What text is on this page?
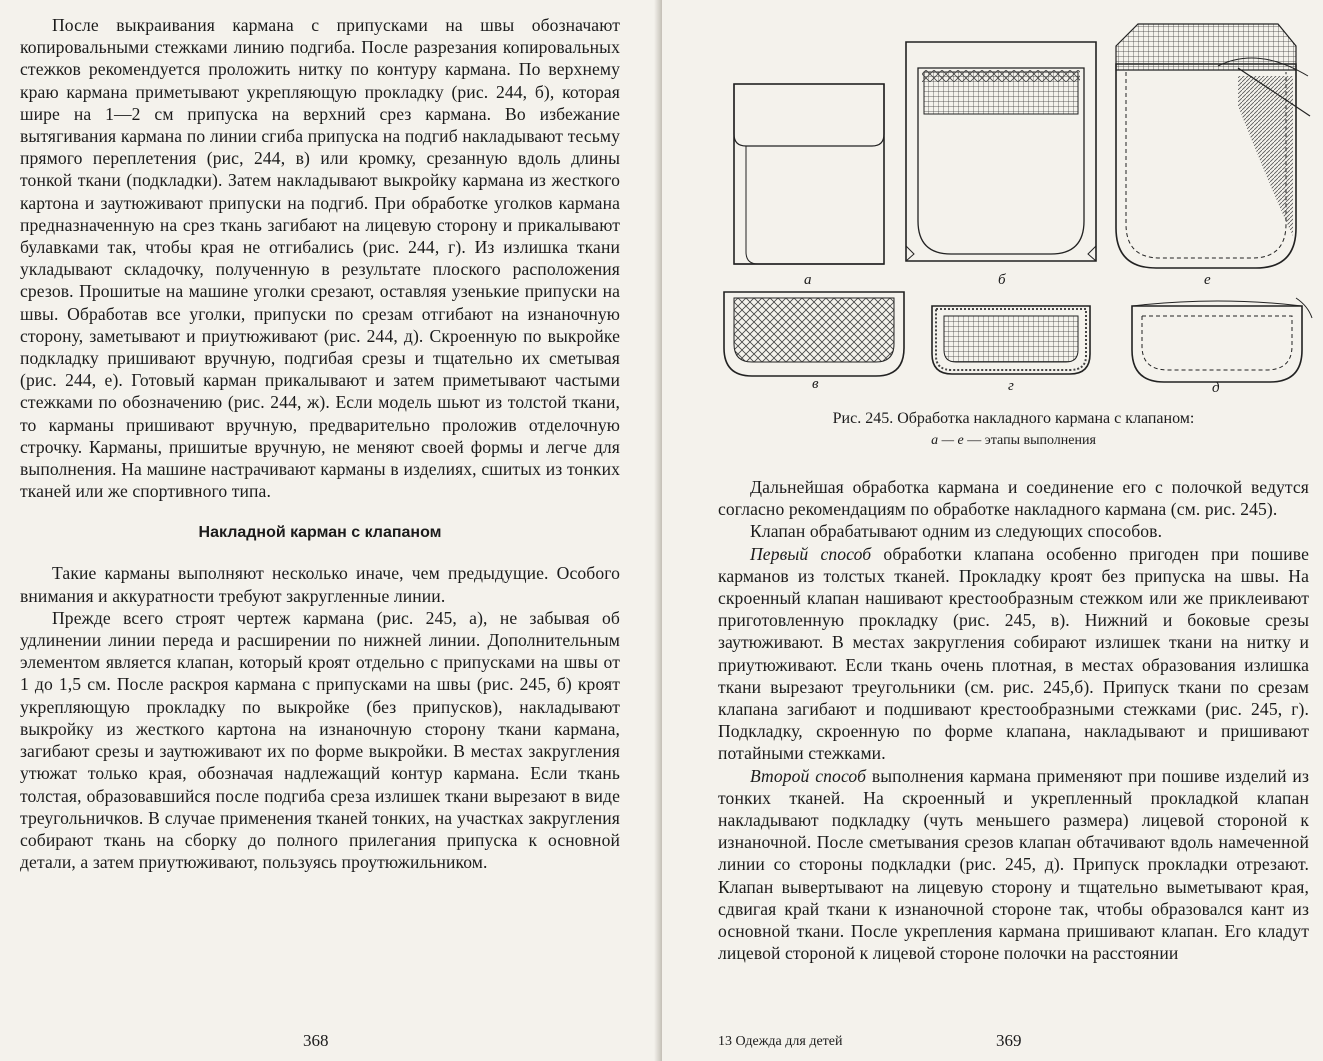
После выкраивания кармана с припусками на швы обозначают копировальными стежками линию подгиба. После разрезания копировальных стежков рекомендуется проложить нитку по контуру кармана. По верхнему краю кармана приметывают укрепляющую прокладку (рис. 244, б), которая шире на 1—2 см припуска на верхний срез кармана. Во избежание вытягивания кармана по линии сгиба припуска на подгиб накладывают тесьму прямого переплетения (рис, 244, в) или кромку, срезанную вдоль длины тонкой ткани (подкладки). Затем накладывают выкройку кармана из жесткого картона и заутюживают припуски на подгиб. При обработке уголков кармана предназначенную на срез ткань загибают на лицевую сторону и прикалывают булавками так, чтобы края не отгибались (рис. 244, г). Из излишка ткани укладывают складочку, полученную в результате плоского расположения срезов. Прошитые на машине уголки срезают, оставляя узенькие припуски на швы. Обработав все уголки, припуски по срезам отгибают на изнаночную сторону, заметывают и приутюживают (рис. 244, д). Скроенную по выкройке подкладку пришивают вручную, подгибая срезы и тщательно их сметывая (рис. 244, е). Готовый карман прикалывают и затем приметывают частыми стежками по обозначению (рис. 244, ж). Если модель шьют из толстой ткани, то карманы пришивают вручную, предварительно проложив отделочную строчку. Карманы, пришитые вручную, не меняют своей формы и легче для выполнения. На машине настрачивают карманы в изделиях, сшитых из тонких тканей или же спортивного типа.

Накладной карман с клапаном

Такие карманы выполняют несколько иначе, чем предыдущие. Особого внимания и аккуратности требуют закругленные линии.

Прежде всего строят чертеж кармана (рис. 245, а), не забывая об удлинении линии переда и расширении по нижней линии. Дополнительным элементом является клапан, который кроят отдельно с припусками на швы от 1 до 1,5 см. После раскроя кармана с припусками на швы (рис. 245, б) кроят укрепляющую прокладку по выкройке (без припусков), накладывают выкройку из жесткого картона на изнаночную сторону ткани кармана, загибают срезы и заутюживают их по форме выкройки. В местах закругления утюжат только края, обозначая надлежащий контур кармана. Если ткань толстая, образовавшийся после подгиба среза излишек ткани вырезают в виде треугольничков. В случае применения тканей тонких, на участках закругления собирают ткань на сборку до полного прилегания припуска к основной детали, а затем приутюживают, пользуясь проутюжильником.

368
а	б	е
в	г	д
Рис. 245. Обработка накладного кармана с клапаном:
а — е — этапы выполнения

Дальнейшая обработка кармана и соединение его с полочкой ведутся согласно рекомендациям по обработке накладного кармана (см. рис. 245).

Клапан обрабатывают одним из следующих способов.

Первый способ обработки клапана особенно пригоден при пошиве карманов из толстых тканей. Прокладку кроят без припуска на швы. На скроенный клапан нашивают крестообразным стежком или же приклеивают приготовленную прокладку (рис. 245, в). Нижний и боковые срезы заутюживают. В местах закругления собирают излишек ткани на нитку и приутюживают. Если ткань очень плотная, в местах образования излишка ткани вырезают треугольники (см. рис. 245,б). Припуск ткани по срезам клапана загибают и подшивают крестообразными стежками (рис. 245, г). Подкладку, скроенную по форме клапана, накладывают и пришивают потайными стежками.

Второй способ выполнения кармана применяют при пошиве изделий из тонких тканей. На скроенный и укрепленный прокладкой клапан накладывают подкладку (чуть меньшего размера) лицевой стороной к изнаночной. После сметывания срезов клапан обтачивают вдоль намеченной линии со стороны подкладки (рис. 245, д). Припуск прокладки отрезают. Клапан вывертывают на лицевую сторону и тщательно выметывают края, сдвигая край ткани к изнаночной стороне так, чтобы образовался кант из основной ткани. После укрепления кармана пришивают клапан. Его кладут лицевой стороной к лицевой стороне полочки на расстоянии

13 Одежда для детей	369
